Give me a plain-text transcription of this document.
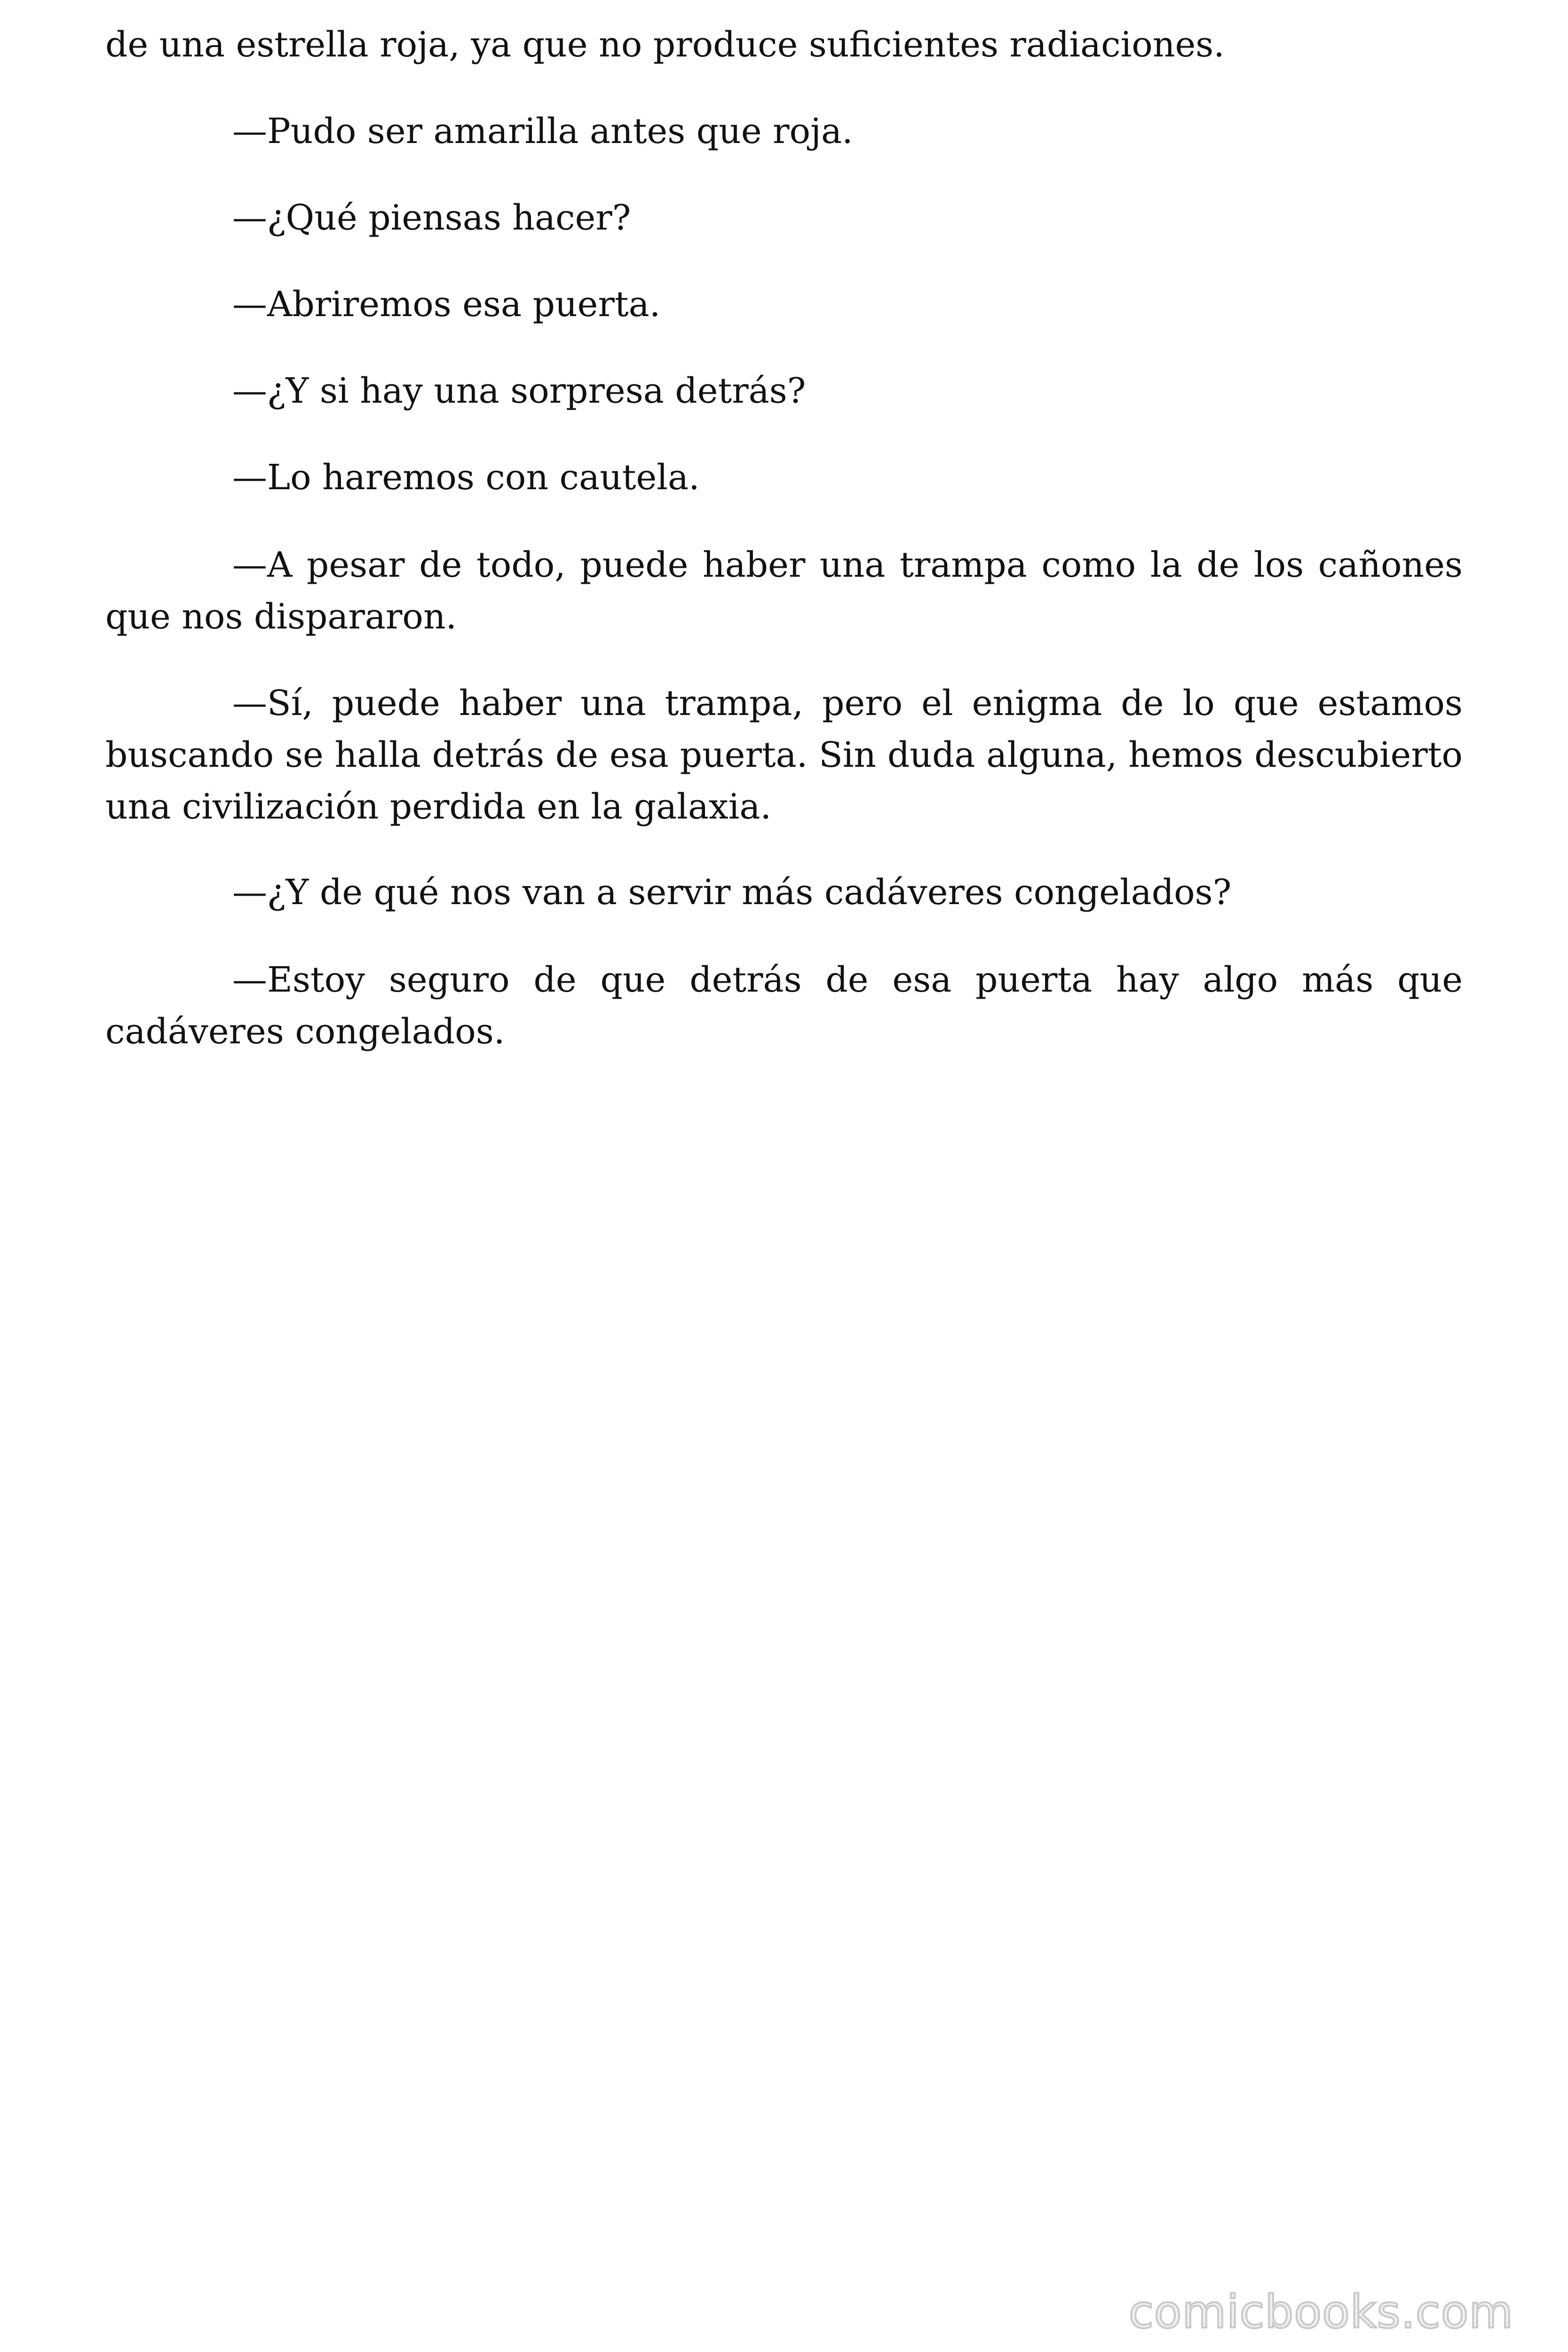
de una estrella roja, ya que no produce suficientes radiaciones.

—Pudo ser amarilla antes que roja.

—¿Qué piensas hacer?

—Abriremos esa puerta.

—¿Y si hay una sorpresa detrás?

—Lo haremos con cautela.

—A pesar de todo, puede haber una trampa como la de los cañones que nos dispararon.

—Sí, puede haber una trampa, pero el enigma de lo que estamos buscando se halla detrás de esa puerta. Sin duda alguna, hemos descubierto una civilización perdida en la galaxia.

—¿Y de qué nos van a servir más cadáveres congelados?

—Estoy seguro de que detrás de esa puerta hay algo más que cadáveres congelados.

comicbooks.com
